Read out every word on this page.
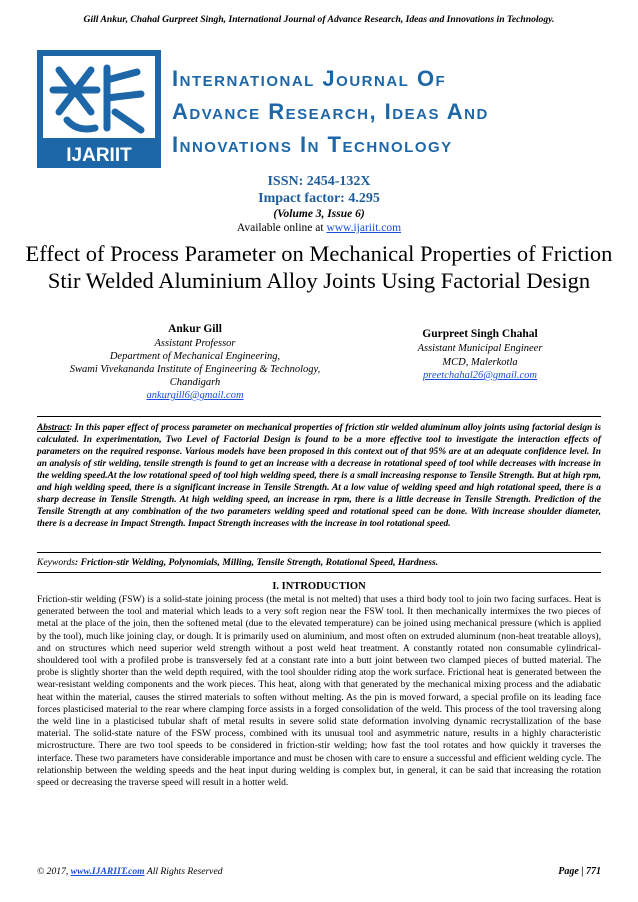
Gill Ankur, Chahal Gurpreet Singh, International Journal of Advance Research, Ideas and Innovations in Technology.
IJARIIT
International Journal Of
Advance Research, Ideas And
Innovations In Technology
ISSN: 2454-132X
Impact factor: 4.295
(Volume 3, Issue 6)
Available online at www.ijariit.com
Effect of Process Parameter on Mechanical Properties of Friction Stir Welded Aluminium Alloy Joints Using Factorial Design
Ankur Gill
Assistant Professor
Department of Mechanical Engineering,
Swami Vivekananda Institute of Engineering & Technology,
Chandigarh
ankurgill6@gmail.com
Gurpreet Singh Chahal
Assistant Municipal Engineer
MCD, Malerkotla
preetchahal26@gmail.com
Abstract: In this paper effect of process parameter on mechanical properties of friction stir welded aluminum alloy joints using factorial design is calculated. In experimentation, Two Level of Factorial Design is found to be a more effective tool to investigate the interaction effects of parameters on the required response. Various models have been proposed in this context out of that 95% are at an adequate confidence level. In an analysis of stir welding, tensile strength is found to get an increase with a decrease in rotational speed of tool while decreases with increase in the welding speed.At the low rotational speed of tool high welding speed, there is a small increasing response to Tensile Strength. But at high rpm, and high welding speed, there is a significant increase in Tensile Strength. At a low value of welding speed and high rotational speed, there is a sharp decrease in Tensile Strength. At high welding speed, an increase in rpm, there is a little decrease in Tensile Strength. Prediction of the Tensile Strength at any combination of the two parameters welding speed and rotational speed can be done. With increase shoulder diameter, there is a decrease in Impact Strength. Impact Strength increases with the increase in tool rotational speed.
Keywords: Friction-stir Welding, Polynomials, Milling, Tensile Strength, Rotational Speed, Hardness.
I. INTRODUCTION
Friction-stir welding (FSW) is a solid-state joining process (the metal is not melted) that uses a third body tool to join two facing surfaces. Heat is generated between the tool and material which leads to a very soft region near the FSW tool. It then mechanically intermixes the two pieces of metal at the place of the join, then the softened metal (due to the elevated temperature) can be joined using mechanical pressure (which is applied by the tool), much like joining clay, or dough. It is primarily used on aluminium, and most often on extruded aluminum (non-heat treatable alloys), and on structures which need superior weld strength without a post weld heat treatment. A constantly rotated non consumable cylindrical-shouldered tool with a profiled probe is transversely fed at a constant rate into a butt joint between two clamped pieces of butted material. The probe is slightly shorter than the weld depth required, with the tool shoulder riding atop the work surface. Frictional heat is generated between the wear-resistant welding components and the work pieces. This heat, along with that generated by the mechanical mixing process and the adiabatic heat within the material, causes the stirred materials to soften without melting. As the pin is moved forward, a special profile on its leading face forces plasticised material to the rear where clamping force assists in a forged consolidation of the weld. This process of the tool traversing along the weld line in a plasticised tubular shaft of metal results in severe solid state deformation involving dynamic recrystallization of the base material. The solid-state nature of the FSW process, combined with its unusual tool and asymmetric nature, results in a highly characteristic microstructure. There are two tool speeds to be considered in friction-stir welding; how fast the tool rotates and how quickly it traverses the interface. These two parameters have considerable importance and must be chosen with care to ensure a successful and efficient welding cycle. The relationship between the welding speeds and the heat input during welding is complex but, in general, it can be said that increasing the rotation speed or decreasing the traverse speed will result in a hotter weld.
© 2017, www.IJARIIT.com All Rights Reserved	Page | 771
